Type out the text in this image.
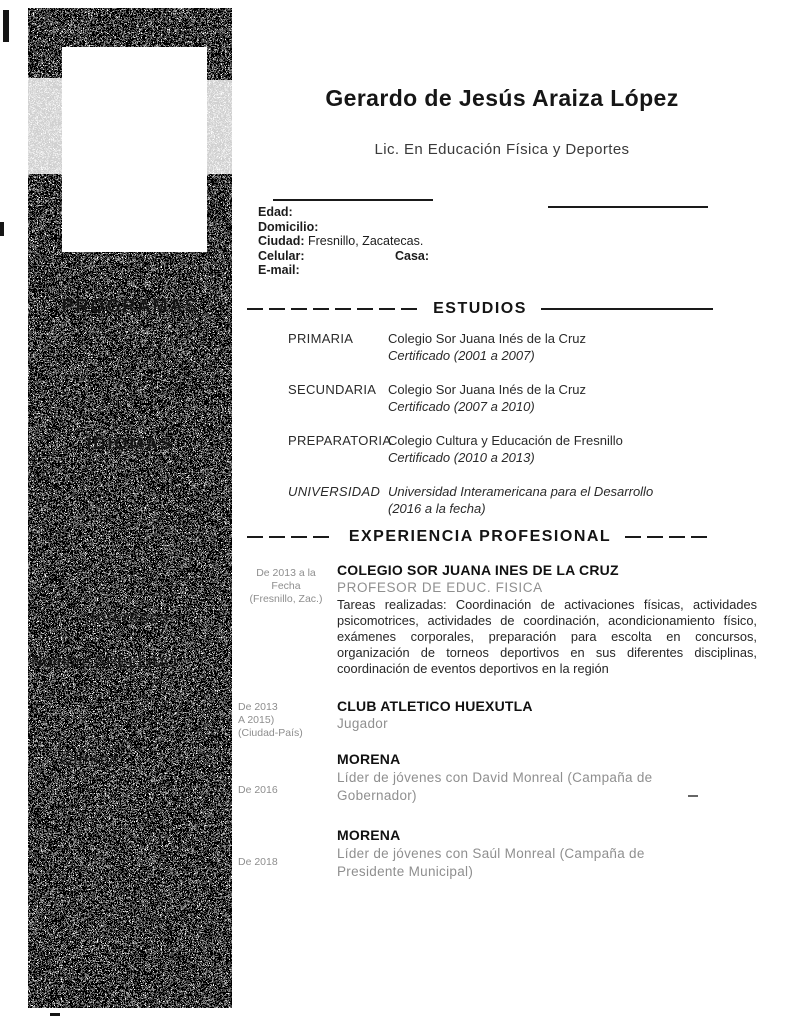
PROGRAMAS
IDIOMAS
Intereses
Nombre APELLIDO
Cursos
Gerardo de Jesús Araiza López
Lic. En Educación Física y Deportes
Edad:
Domicilio:
Ciudad: Fresnillo, Zacatecas.
Celular:	Casa:
E-mail:
ESTUDIOS
PRIMARIA	Colegio Sor Juana Inés de la Cruz
Certificado (2001 a 2007)
SECUNDARIA Colegio Sor Juana Inés de la Cruz
Certificado (2007 a 2010)
PREPARATORIA
Colegio Cultura y Educación de Fresnillo
Certificado (2010 a 2013)
UNIVERSIDAD Universidad Interamericana para el Desarrollo
(2016 a la fecha)
EXPERIENCIA PROFESIONAL
De 2013 a la
Fecha
(Fresnillo, Zac.)
COLEGIO SOR JUANA INES DE LA CRUZ
PROFESOR DE EDUC. FISICA
Tareas realizadas: Coordinación de activaciones físicas, actividades psicomotrices, actividades de coordinación, acondicionamiento físico, exámenes corporales, preparación para escolta en concursos, organización de torneos deportivos en sus diferentes disciplinas, coordinación de eventos deportivos en la región
De 2013
A 2015)
(Ciudad-País)
CLUB ATLETICO HUEXUTLA
Jugador
De 2016
MORENA
Líder de jóvenes con David Monreal (Campaña de Gobernador)
De 2018
MORENA
Líder de jóvenes con Saúl Monreal (Campaña de Presidente Municipal)
